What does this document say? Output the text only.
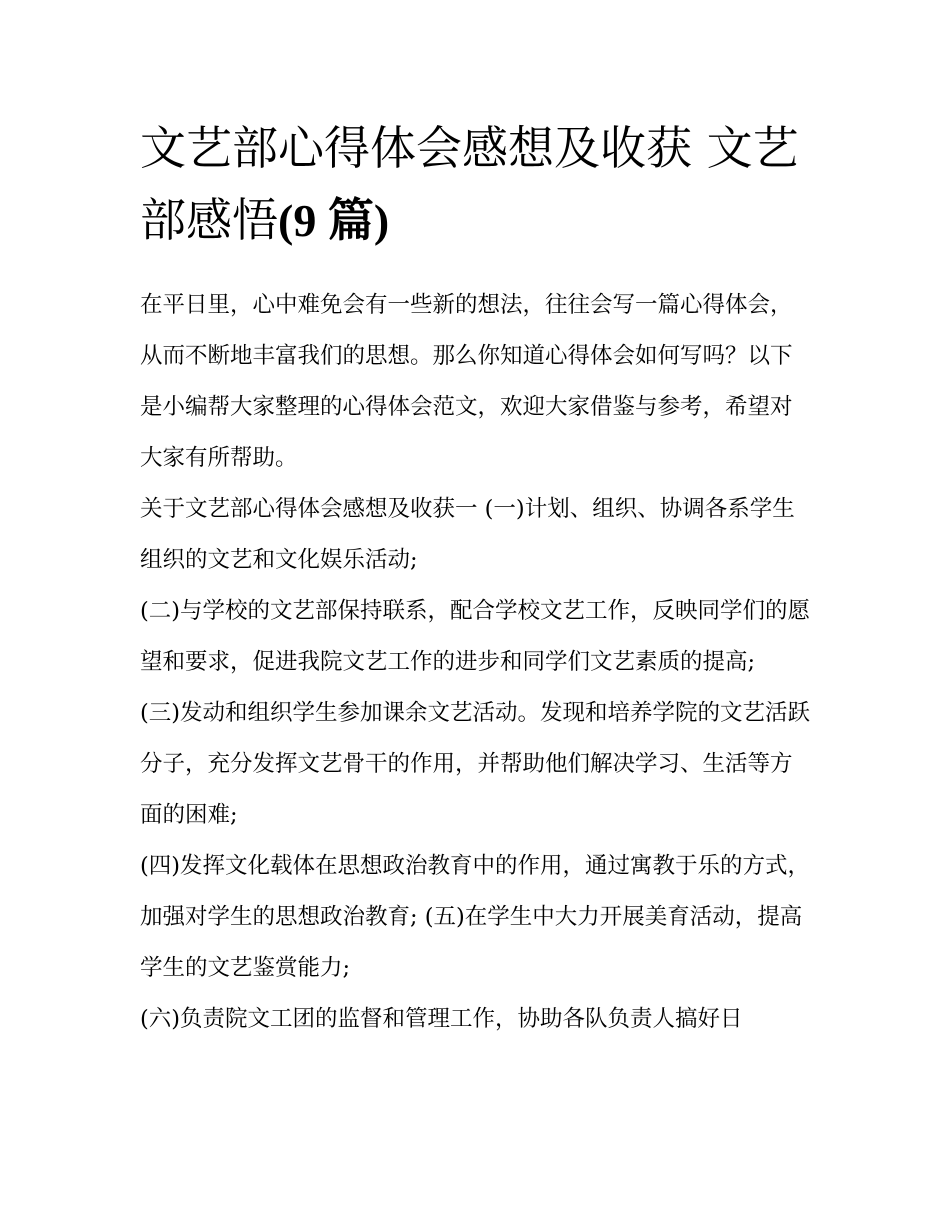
文艺部心得体会感想及收获 文艺部感悟(9 篇)

在平日里，心中难免会有一些新的想法，往往会写一篇心得体会，从而不断地丰富我们的思想。那么你知道心得体会如何写吗？以下是小编帮大家整理的心得体会范文，欢迎大家借鉴与参考，希望对大家有所帮助。

关于文艺部心得体会感想及收获一 (一)计划、组织、协调各系学生组织的文艺和文化娱乐活动;

(二)与学校的文艺部保持联系，配合学校文艺工作，反映同学们的愿望和要求，促进我院文艺工作的进步和同学们文艺素质的提高;

(三)发动和组织学生参加课余文艺活动。发现和培养学院的文艺活跃分子，充分发挥文艺骨干的作用，并帮助他们解决学习、生活等方面的困难;

(四)发挥文化载体在思想政治教育中的作用，通过寓教于乐的方式，加强对学生的思想政治教育; (五)在学生中大力开展美育活动，提高学生的文艺鉴赏能力;

(六)负责院文工团的监督和管理工作，协助各队负责人搞好日
